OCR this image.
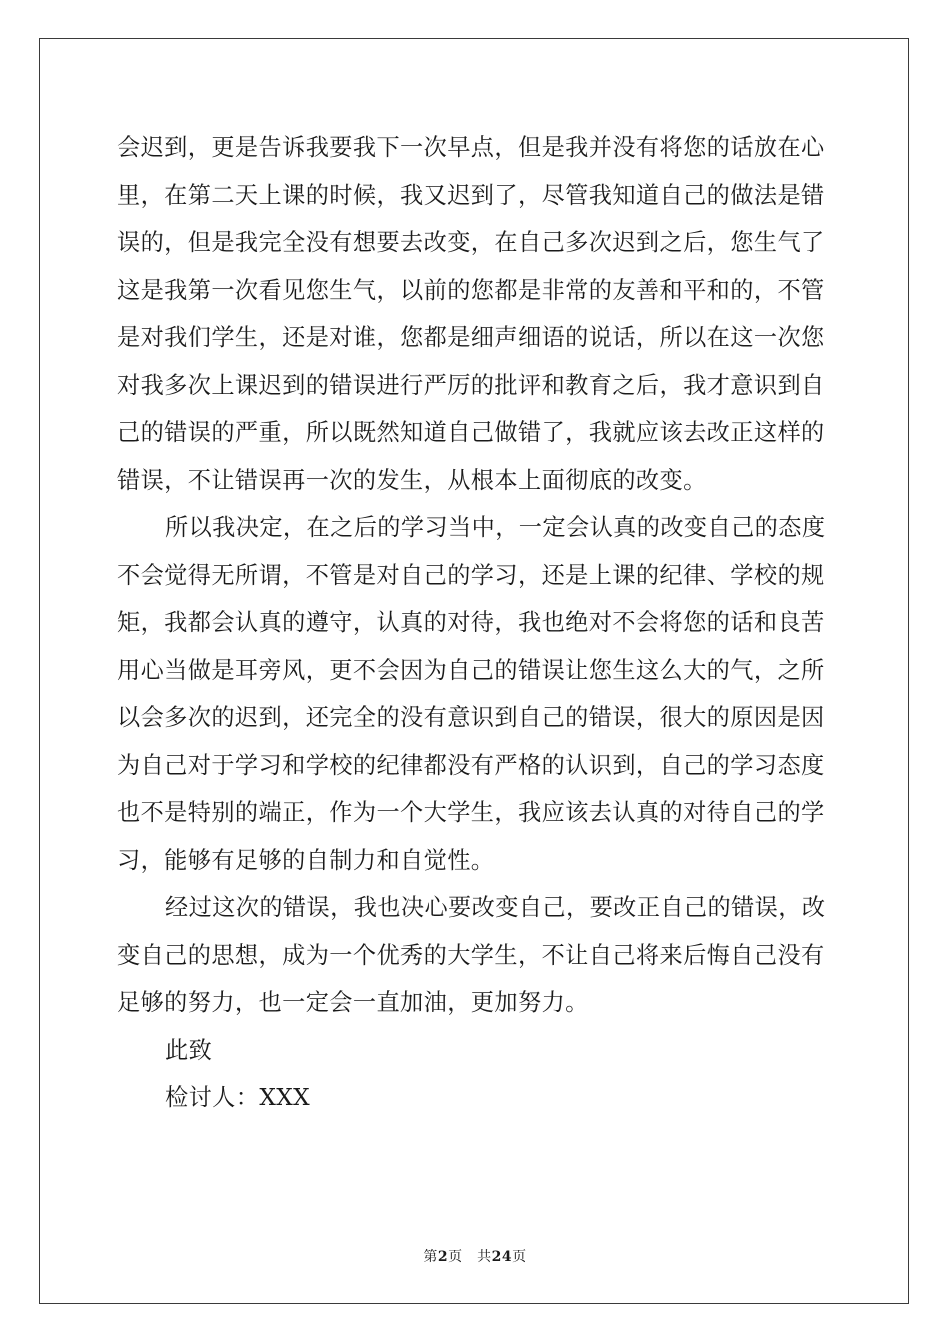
会迟到，更是告诉我要我下一次早点，但是我并没有将您的话放在心
里，在第二天上课的时候，我又迟到了，尽管我知道自己的做法是错
误的，但是我完全没有想要去改变，在自己多次迟到之后，您生气了
这是我第一次看见您生气，以前的您都是非常的友善和平和的，不管
是对我们学生，还是对谁，您都是细声细语的说话，所以在这一次您
对我多次上课迟到的错误进行严厉的批评和教育之后，我才意识到自
己的错误的严重，所以既然知道自己做错了，我就应该去改正这样的
错误，不让错误再一次的发生，从根本上面彻底的改变。
所以我决定，在之后的学习当中，一定会认真的改变自己的态度
不会觉得无所谓，不管是对自己的学习，还是上课的纪律、学校的规
矩，我都会认真的遵守，认真的对待，我也绝对不会将您的话和良苦
用心当做是耳旁风，更不会因为自己的错误让您生这么大的气，之所
以会多次的迟到，还完全的没有意识到自己的错误，很大的原因是因
为自己对于学习和学校的纪律都没有严格的认识到，自己的学习态度
也不是特别的端正，作为一个大学生，我应该去认真的对待自己的学
习，能够有足够的自制力和自觉性。
经过这次的错误，我也决心要改变自己，要改正自己的错误，改
变自己的思想，成为一个优秀的大学生，不让自己将来后悔自己没有
足够的努力，也一定会一直加油，更加努力。
此致
检讨人：XXX
第2页　共24页
